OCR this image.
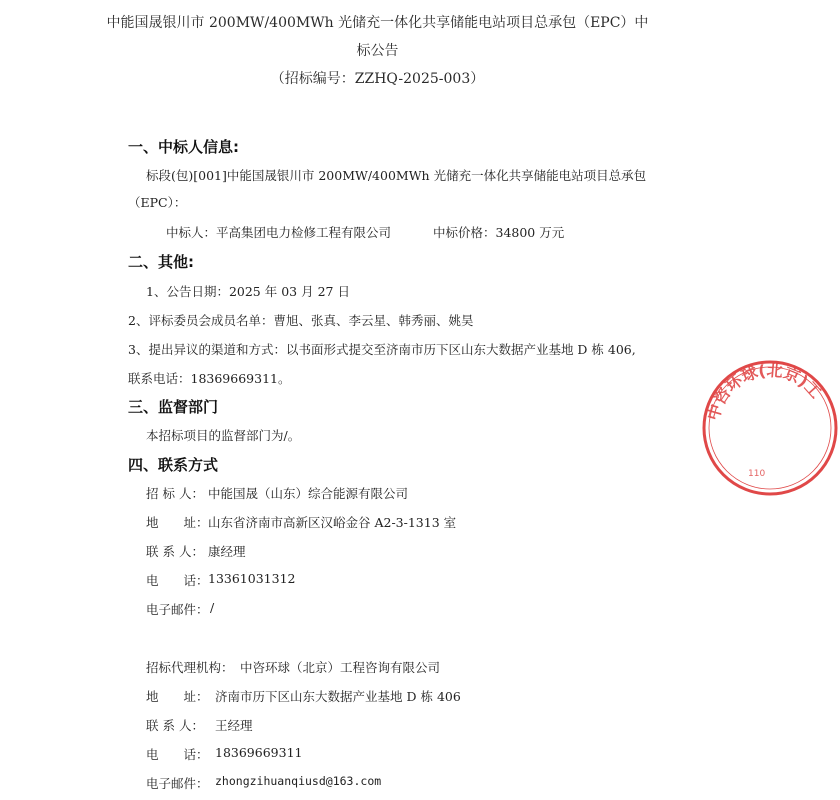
中能国晟银川市 200MW/400MWh 光储充一体化共享储能电站项目总承包（EPC）中
标公告
（招标编号：ZZHQ-2025-003）
一、中标人信息:
标段(包)[001]中能国晟银川市 200MW/400MWh 光储充一体化共享储能电站项目总承包
（EPC）：
中标人：平高集团电力检修工程有限公司	中标价格：34800 万元
二、其他:
1、公告日期：2025 年 03 月 27 日
2、评标委员会成员名单：曹旭、张真、李云星、韩秀丽、姚昊
3、提出异议的渠道和方式：以书面形式提交至济南市历下区山东大数据产业基地 D 栋 406,
联系电话：18369669311。
三、监督部门
本招标项目的监督部门为/。
四、联系方式
招 标 人： 中能国晟（山东）综合能源有限公司
地　　址： 山东省济南市高新区汉峪金谷 A2-3-1313 室
联 系 人： 康经理
电　　话： 13361031312
电子邮件： /
招标代理机构： 中咨环球（北京）工程咨询有限公司
地　　址： 济南市历下区山东大数据产业基地 D 栋 406
联 系 人： 王经理
电　　话： 18369669311
电子邮件： zhongzihuanqiusd@163.com
中咨环球(北京)工
110
